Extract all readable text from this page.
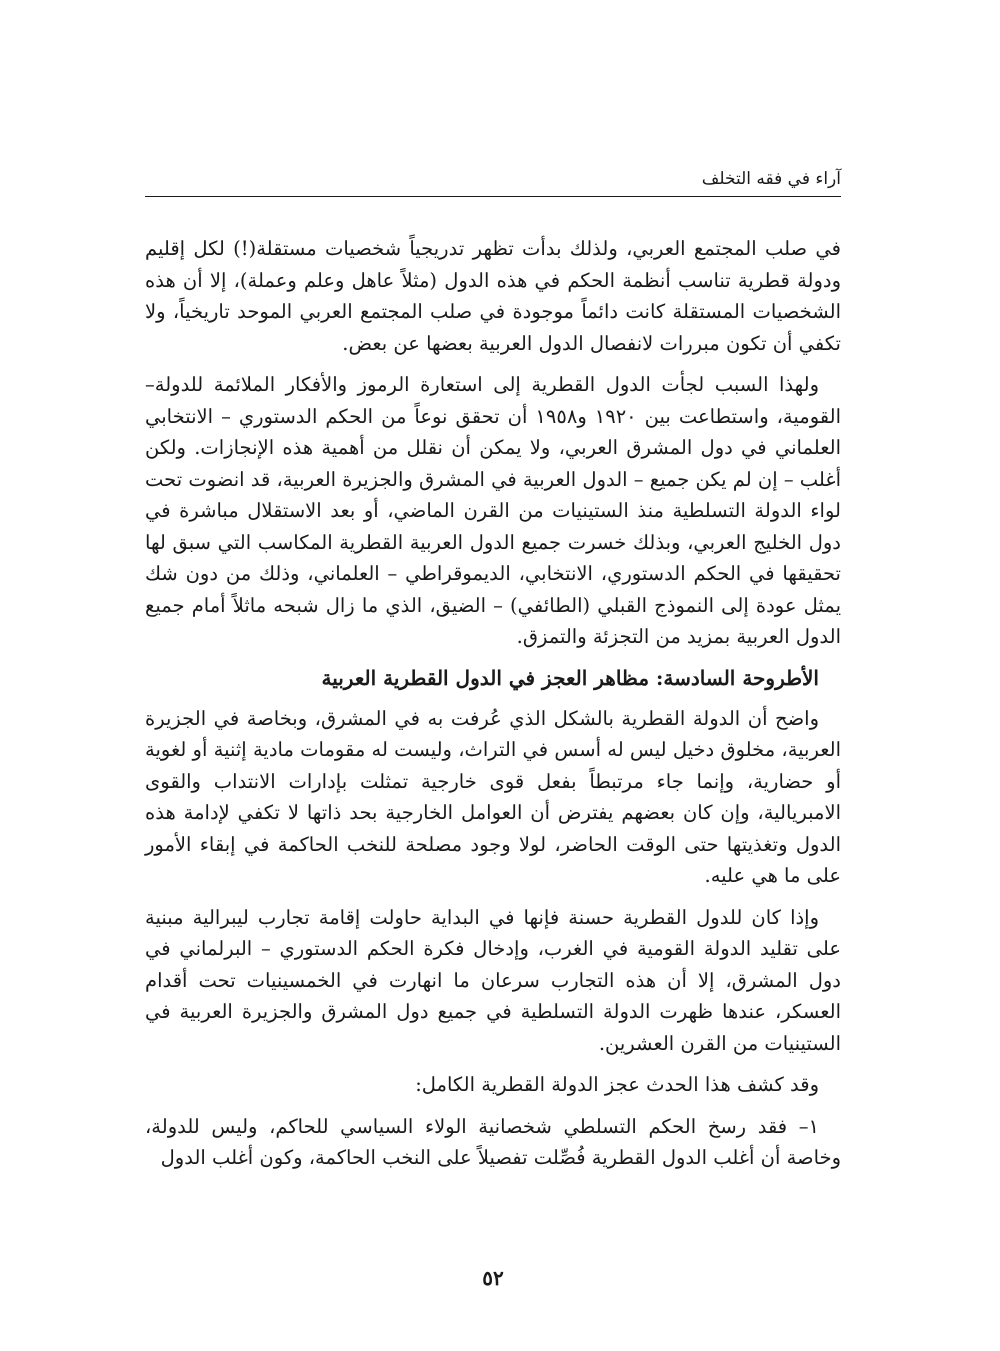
آراء في فقه التخلف

في صلب المجتمع العربي، ولذلك بدأت تظهر تدريجياً شخصيات مستقلة(!) لكل إقليم ودولة قطرية تناسب أنظمة الحكم في هذه الدول (مثلاً عاهل وعلم وعملة)، إلا أن هذه الشخصيات المستقلة كانت دائماً موجودة في صلب المجتمع العربي الموحد تاريخياً، ولا تكفي أن تكون مبررات لانفصال الدول العربية بعضها عن بعض.

ولهذا السبب لجأت الدول القطرية إلى استعارة الرموز والأفكار الملائمة للدولة– القومية، واستطاعت بين ١٩٢٠ و١٩٥٨ أن تحقق نوعاً من الحكم الدستوري – الانتخابي العلماني في دول المشرق العربي، ولا يمكن أن نقلل من أهمية هذه الإنجازات. ولكن أغلب – إن لم يكن جميع – الدول العربية في المشرق والجزيرة العربية، قد انضوت تحت لواء الدولة التسلطية منذ الستينيات من القرن الماضي، أو بعد الاستقلال مباشرة في دول الخليج العربي، وبذلك خسرت جميع الدول العربية القطرية المكاسب التي سبق لها تحقيقها في الحكم الدستوري، الانتخابي، الديموقراطي – العلماني، وذلك من دون شك يمثل عودة إلى النموذج القبلي (الطائفي) – الضيق، الذي ما زال شبحه ماثلاً أمام جميع الدول العربية بمزيد من التجزئة والتمزق.

الأطروحة السادسة: مظاهر العجز في الدول القطرية العربية

واضح أن الدولة القطرية بالشكل الذي عُرفت به في المشرق، وبخاصة في الجزيرة العربية، مخلوق دخيل ليس له أسس في التراث، وليست له مقومات مادية إثنية أو لغوية أو حضارية، وإنما جاء مرتبطاً بفعل قوى خارجية تمثلت بإدارات الانتداب والقوى الامبريالية، وإن كان بعضهم يفترض أن العوامل الخارجية بحد ذاتها لا تكفي لإدامة هذه الدول وتغذيتها حتى الوقت الحاضر، لولا وجود مصلحة للنخب الحاكمة في إبقاء الأمور على ما هي عليه.

وإذا كان للدول القطرية حسنة فإنها في البداية حاولت إقامة تجارب ليبرالية مبنية على تقليد الدولة القومية في الغرب، وإدخال فكرة الحكم الدستوري – البرلماني في دول المشرق، إلا أن هذه التجارب سرعان ما انهارت في الخمسينيات تحت أقدام العسكر، عندها ظهرت الدولة التسلطية في جميع دول المشرق والجزيرة العربية في الستينيات من القرن العشرين.

وقد كشف هذا الحدث عجز الدولة القطرية الكامل:

١– فقد رسخ الحكم التسلطي شخصانية الولاء السياسي للحاكم، وليس للدولة، وخاصة أن أغلب الدول القطرية فُصِّلت تفصيلاً على النخب الحاكمة، وكون أغلب الدول

٥٢
